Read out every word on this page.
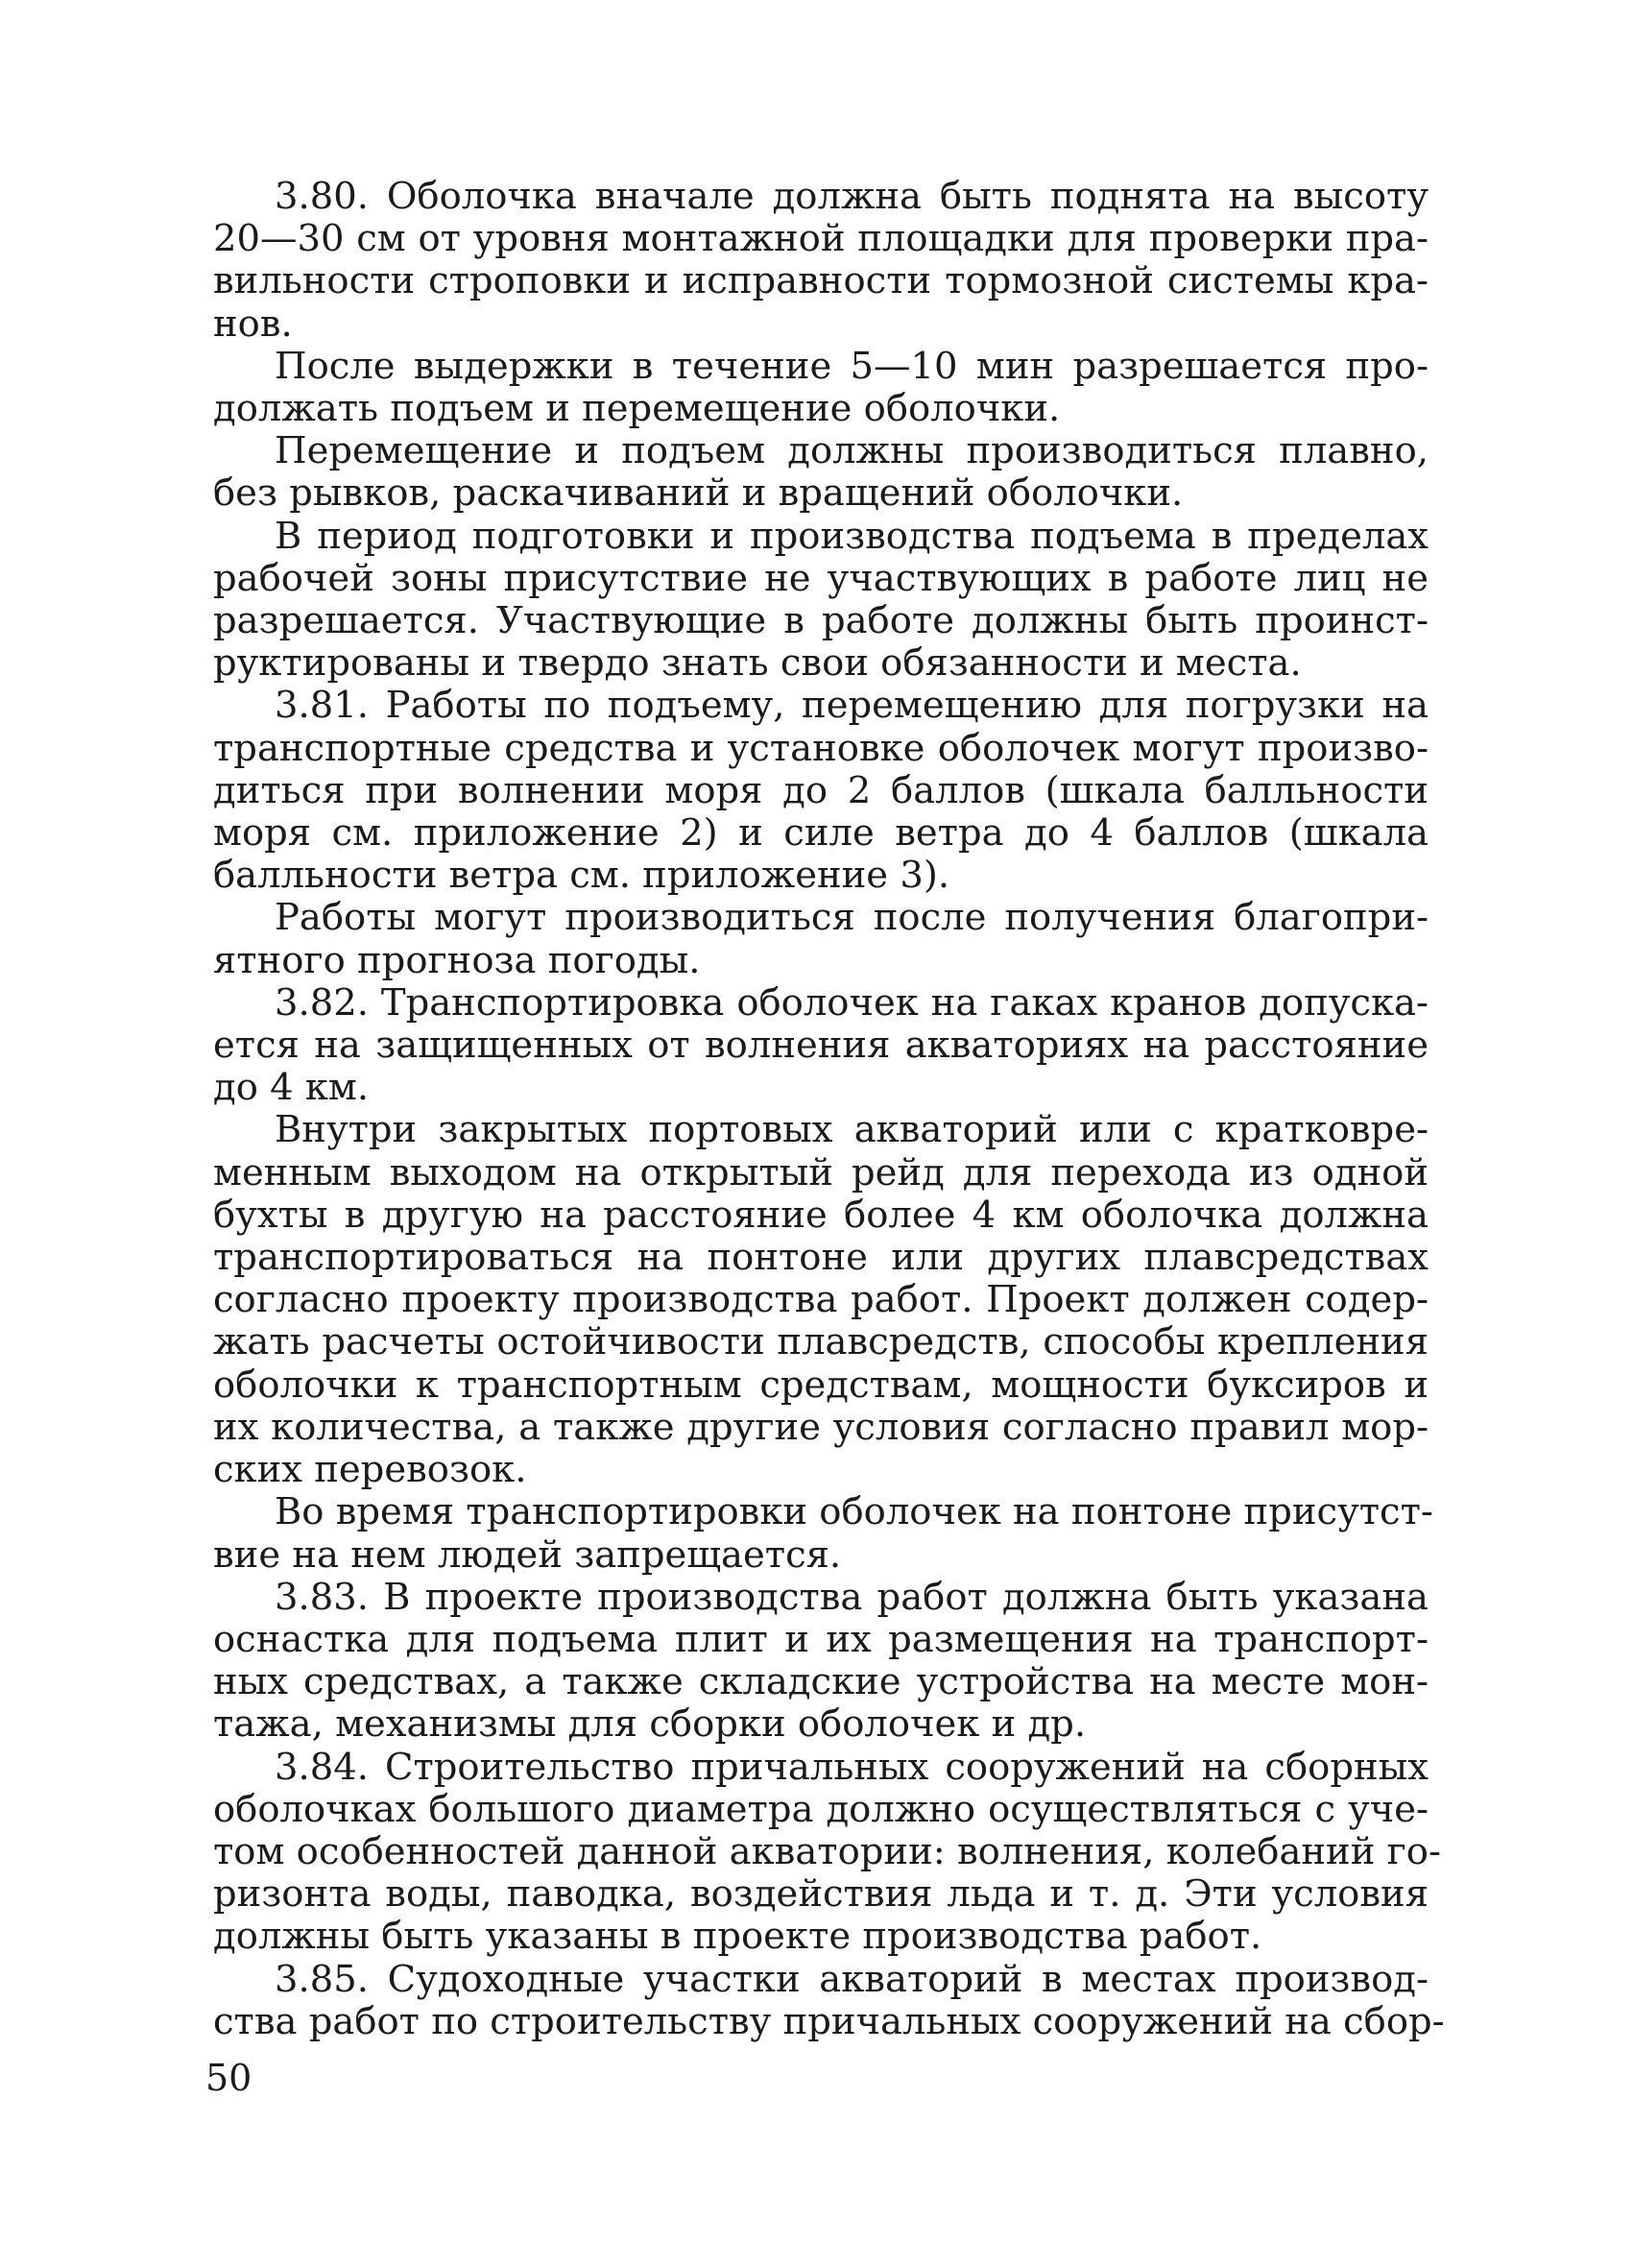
3.80. Оболочка вначале должна быть поднята на высоту
20—30 см от уровня монтажной площадки для проверки пра-
вильности строповки и исправности тормозной системы кра-
нов.
После выдержки в течение 5—10 мин разрешается про-
должать подъем и перемещение оболочки.
Перемещение и подъем должны производиться плавно,
без рывков, раскачиваний и вращений оболочки.
В период подготовки и производства подъема в пределах
рабочей зоны присутствие не участвующих в работе лиц не
разрешается. Участвующие в работе должны быть проинст-
руктированы и твердо знать свои обязанности и места.
3.81. Работы по подъему, перемещению для погрузки на
транспортные средства и установке оболочек могут произво-
диться при волнении моря до 2 баллов (шкала балльности
моря см. приложение 2) и силе ветра до 4 баллов (шкала
балльности ветра см. приложение 3).
Работы могут производиться после получения благопри-
ятного прогноза погоды.
3.82. Транспортировка оболочек на гаках кранов допуска-
ется на защищенных от волнения акваториях на расстояние
до 4 км.
Внутри закрытых портовых акваторий или с кратковре-
менным выходом на открытый рейд для перехода из одной
бухты в другую на расстояние более 4 км оболочка должна
транспортироваться на понтоне или других плавсредствах
согласно проекту производства работ. Проект должен содер-
жать расчеты остойчивости плавсредств, способы крепления
оболочки к транспортным средствам, мощности буксиров и
их количества, а также другие условия согласно правил мор-
ских перевозок.
Во время транспортировки оболочек на понтоне присутст-
вие на нем людей запрещается.
3.83. В проекте производства работ должна быть указана
оснастка для подъема плит и их размещения на транспорт-
ных средствах, а также складские устройства на месте мон-
тажа, механизмы для сборки оболочек и др.
3.84. Строительство причальных сооружений на сборных
оболочках большого диаметра должно осуществляться с уче-
том особенностей данной акватории: волнения, колебаний го-
ризонта воды, паводка, воздействия льда и т. д. Эти условия
должны быть указаны в проекте производства работ.
3.85. Судоходные участки акваторий в местах производ-
ства работ по строительству причальных сооружений на сбор-
50
